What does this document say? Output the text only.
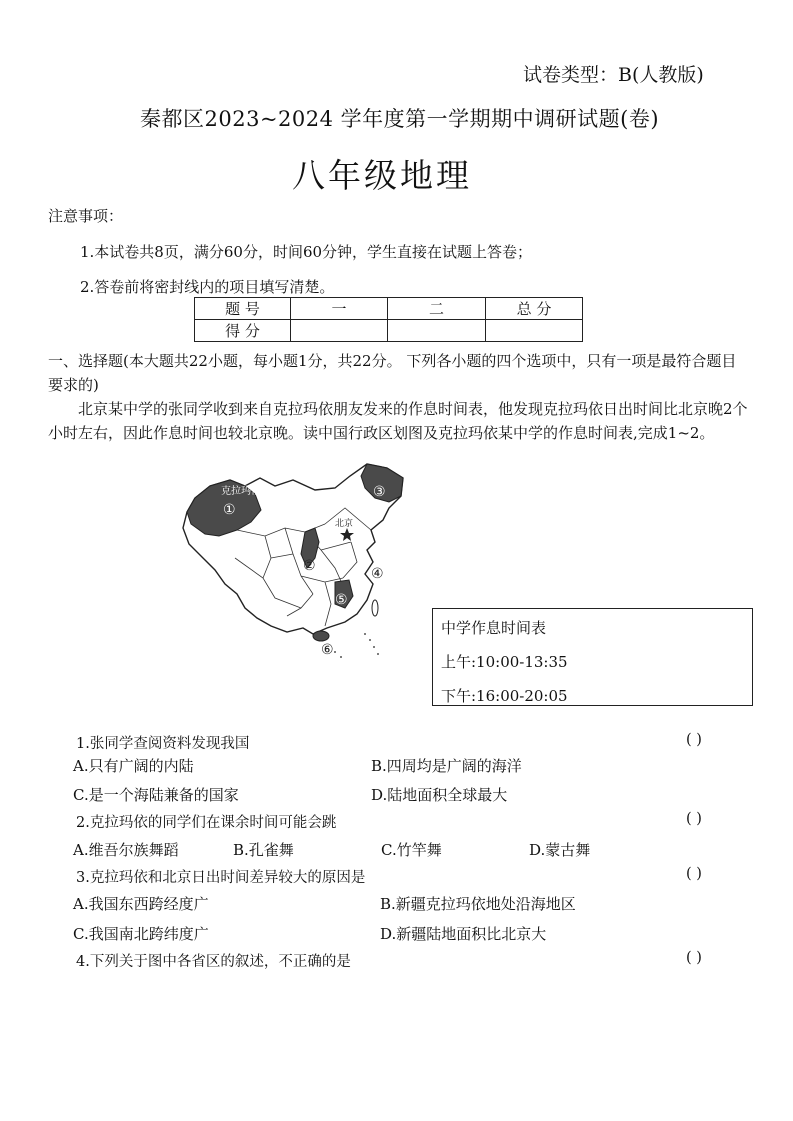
试卷类型：B(人教版)
秦都区2023~2024 学年度第一学期期中调研试题(卷)
八年级地理
注意事项：
1.本试卷共8页，满分60分，时间60分钟，学生直接在试题上答卷；
2.答卷前将密封线内的项目填写清楚。
题 号	一	二	总 分
得 分			
一、选择题(本大题共22小题，每小题1分，共22分。 下列各小题的四个选项中，只有一项是最符合题目要求的)
北京某中学的张同学收到来自克拉玛依朋友发来的作息时间表，他发现克拉玛依日出时间比北京晚2个小时左右，因此作息时间也较北京晚。读中国行政区划图及克拉玛依某中学的作息时间表,完成1~2。
克拉玛依
北京
①
②
③
④
⑤
⑥
中学作息时间表
上午:10:00-13:35
下午:16:00-20:05
1.张同学查阅资料发现我国	( )
A.只有广阔的内陆	B.四周均是广阔的海洋
C.是一个海陆兼备的国家	D.陆地面积全球最大
2.克拉玛依的同学们在课余时间可能会跳	( )
A.维吾尔族舞蹈	B.孔雀舞	C.竹竿舞	D.蒙古舞
3.克拉玛依和北京日出时间差异较大的原因是	( )
A.我国东西跨经度广	B.新疆克拉玛依地处沿海地区
C.我国南北跨纬度广	D.新疆陆地面积比北京大
4.下列关于图中各省区的叙述，不正确的是	( )
